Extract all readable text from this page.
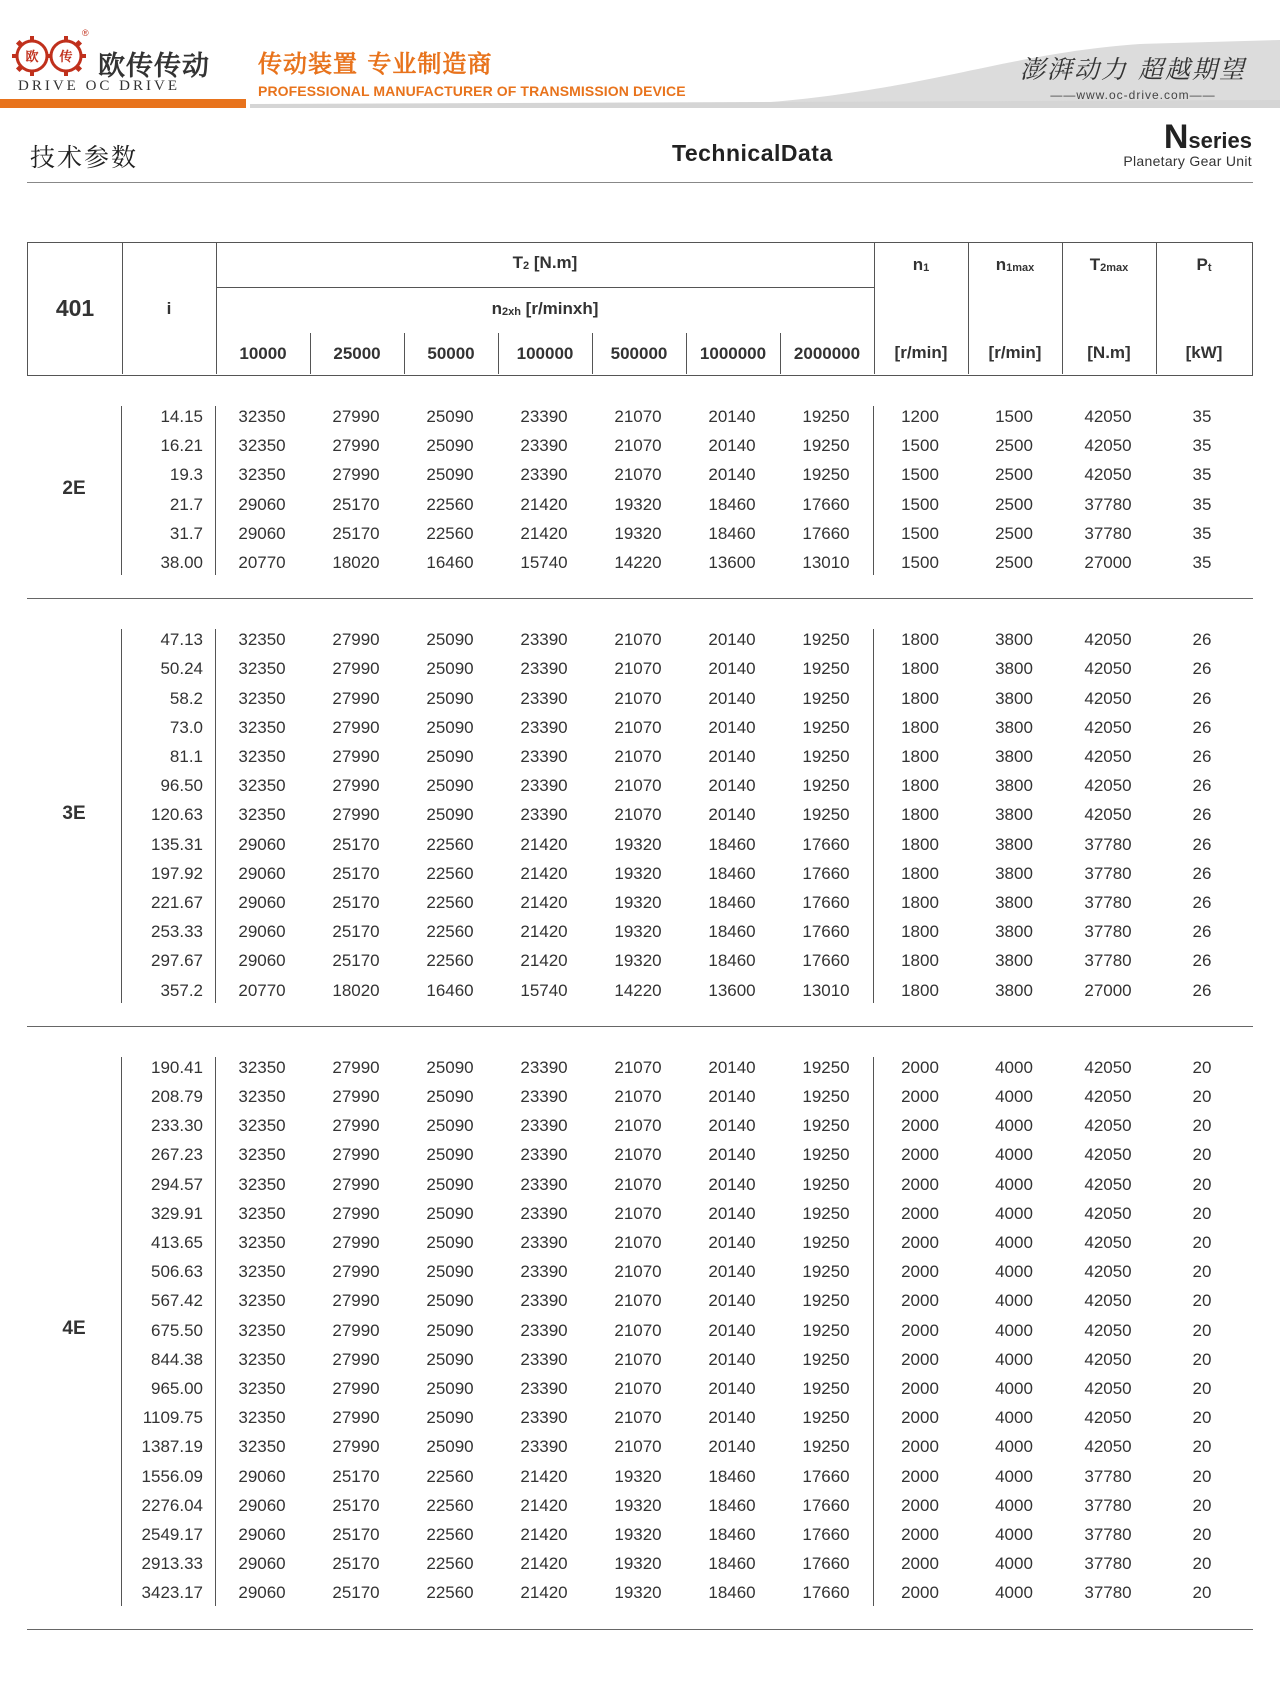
欧 传
®
欧传传动
DRIVE OC DRIVE
传动装置 专业制造商
PROFESSIONAL MANUFACTURER OF TRANSMISSION DEVICE
澎湃动力 超越期望
——www.oc-drive.com——
技术参数	TechnicalData	Nseries
Planetary Gear Unit
401	i
$T_2$ [N.m]
$n_{2xh}$ [r/minxh]
10000	25000	50000	100000	500000	1000000	2000000
$n_1$
[r/min]
$n_{1max}$
[r/min]
$T_{2max}$
[N.m]
$P_t$
[kW]
2E
14.15	32350	27990	25090	23390	21070	20140	19250	1200	1500	42050	35
16.21	32350	27990	25090	23390	21070	20140	19250	1500	2500	42050	35
19.3	32350	27990	25090	23390	21070	20140	19250	1500	2500	42050	35
21.7	29060	25170	22560	21420	19320	18460	17660	1500	2500	37780	35
31.7	29060	25170	22560	21420	19320	18460	17660	1500	2500	37780	35
38.00	20770	18020	16460	15740	14220	13600	13010	1500	2500	27000	35
3E
47.13	32350	27990	25090	23390	21070	20140	19250	1800	3800	42050	26
50.24	32350	27990	25090	23390	21070	20140	19250	1800	3800	42050	26
58.2	32350	27990	25090	23390	21070	20140	19250	1800	3800	42050	26
73.0	32350	27990	25090	23390	21070	20140	19250	1800	3800	42050	26
81.1	32350	27990	25090	23390	21070	20140	19250	1800	3800	42050	26
96.50	32350	27990	25090	23390	21070	20140	19250	1800	3800	42050	26
120.63	32350	27990	25090	23390	21070	20140	19250	1800	3800	42050	26
135.31	29060	25170	22560	21420	19320	18460	17660	1800	3800	37780	26
197.92	29060	25170	22560	21420	19320	18460	17660	1800	3800	37780	26
221.67	29060	25170	22560	21420	19320	18460	17660	1800	3800	37780	26
253.33	29060	25170	22560	21420	19320	18460	17660	1800	3800	37780	26
297.67	29060	25170	22560	21420	19320	18460	17660	1800	3800	37780	26
357.2	20770	18020	16460	15740	14220	13600	13010	1800	3800	27000	26
4E
190.41	32350	27990	25090	23390	21070	20140	19250	2000	4000	42050	20
208.79	32350	27990	25090	23390	21070	20140	19250	2000	4000	42050	20
233.30	32350	27990	25090	23390	21070	20140	19250	2000	4000	42050	20
267.23	32350	27990	25090	23390	21070	20140	19250	2000	4000	42050	20
294.57	32350	27990	25090	23390	21070	20140	19250	2000	4000	42050	20
329.91	32350	27990	25090	23390	21070	20140	19250	2000	4000	42050	20
413.65	32350	27990	25090	23390	21070	20140	19250	2000	4000	42050	20
506.63	32350	27990	25090	23390	21070	20140	19250	2000	4000	42050	20
567.42	32350	27990	25090	23390	21070	20140	19250	2000	4000	42050	20
675.50	32350	27990	25090	23390	21070	20140	19250	2000	4000	42050	20
844.38	32350	27990	25090	23390	21070	20140	19250	2000	4000	42050	20
965.00	32350	27990	25090	23390	21070	20140	19250	2000	4000	42050	20
1109.75	32350	27990	25090	23390	21070	20140	19250	2000	4000	42050	20
1387.19	32350	27990	25090	23390	21070	20140	19250	2000	4000	42050	20
1556.09	29060	25170	22560	21420	19320	18460	17660	2000	4000	37780	20
2276.04	29060	25170	22560	21420	19320	18460	17660	2000	4000	37780	20
2549.17	29060	25170	22560	21420	19320	18460	17660	2000	4000	37780	20
2913.33	29060	25170	22560	21420	19320	18460	17660	2000	4000	37780	20
3423.17	29060	25170	22560	21420	19320	18460	17660	2000	4000	37780	20
